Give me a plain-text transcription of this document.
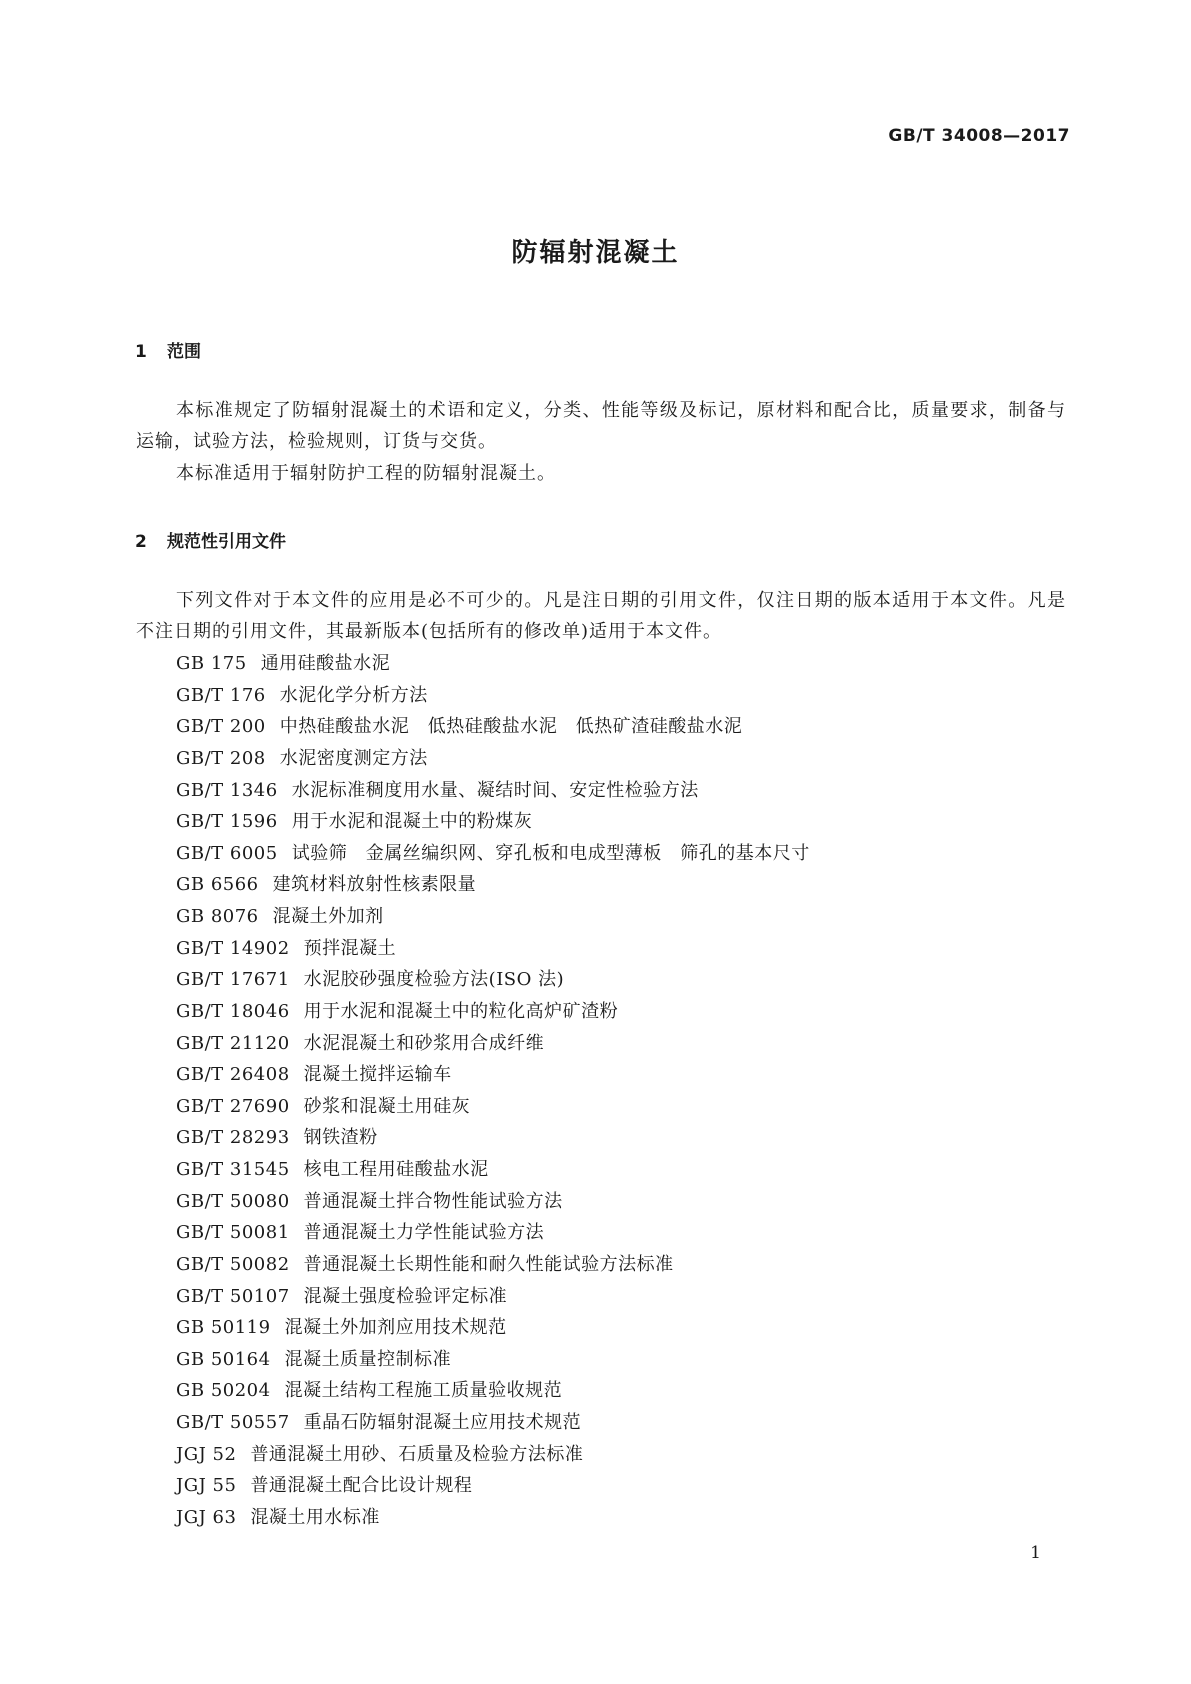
GB/T 34008—2017
防辐射混凝土
1 范围

本标准规定了防辐射混凝土的术语和定义，分类、性能等级及标记，原材料和配合比，质量要求，制备与运输，试验方法，检验规则，订货与交货。

本标准适用于辐射防护工程的防辐射混凝土。

2 规范性引用文件

下列文件对于本文件的应用是必不可少的。凡是注日期的引用文件，仅注日期的版本适用于本文件。凡是不注日期的引用文件，其最新版本(包括所有的修改单)适用于本文件。

GB 175 通用硅酸盐水泥
GB/T 176 水泥化学分析方法
GB/T 200 中热硅酸盐水泥　低热硅酸盐水泥　低热矿渣硅酸盐水泥
GB/T 208 水泥密度测定方法
GB/T 1346 水泥标准稠度用水量、凝结时间、安定性检验方法
GB/T 1596 用于水泥和混凝土中的粉煤灰
GB/T 6005 试验筛　金属丝编织网、穿孔板和电成型薄板　筛孔的基本尺寸
GB 6566 建筑材料放射性核素限量
GB 8076 混凝土外加剂
GB/T 14902 预拌混凝土
GB/T 17671 水泥胶砂强度检验方法(ISO 法)
GB/T 18046 用于水泥和混凝土中的粒化高炉矿渣粉
GB/T 21120 水泥混凝土和砂浆用合成纤维
GB/T 26408 混凝土搅拌运输车
GB/T 27690 砂浆和混凝土用硅灰
GB/T 28293 钢铁渣粉
GB/T 31545 核电工程用硅酸盐水泥
GB/T 50080 普通混凝土拌合物性能试验方法
GB/T 50081 普通混凝土力学性能试验方法
GB/T 50082 普通混凝土长期性能和耐久性能试验方法标准
GB/T 50107 混凝土强度检验评定标准
GB 50119 混凝土外加剂应用技术规范
GB 50164 混凝土质量控制标准
GB 50204 混凝土结构工程施工质量验收规范
GB/T 50557 重晶石防辐射混凝土应用技术规范
JGJ 52 普通混凝土用砂、石质量及检验方法标准
JGJ 55 普通混凝土配合比设计规程
JGJ 63 混凝土用水标准

1
